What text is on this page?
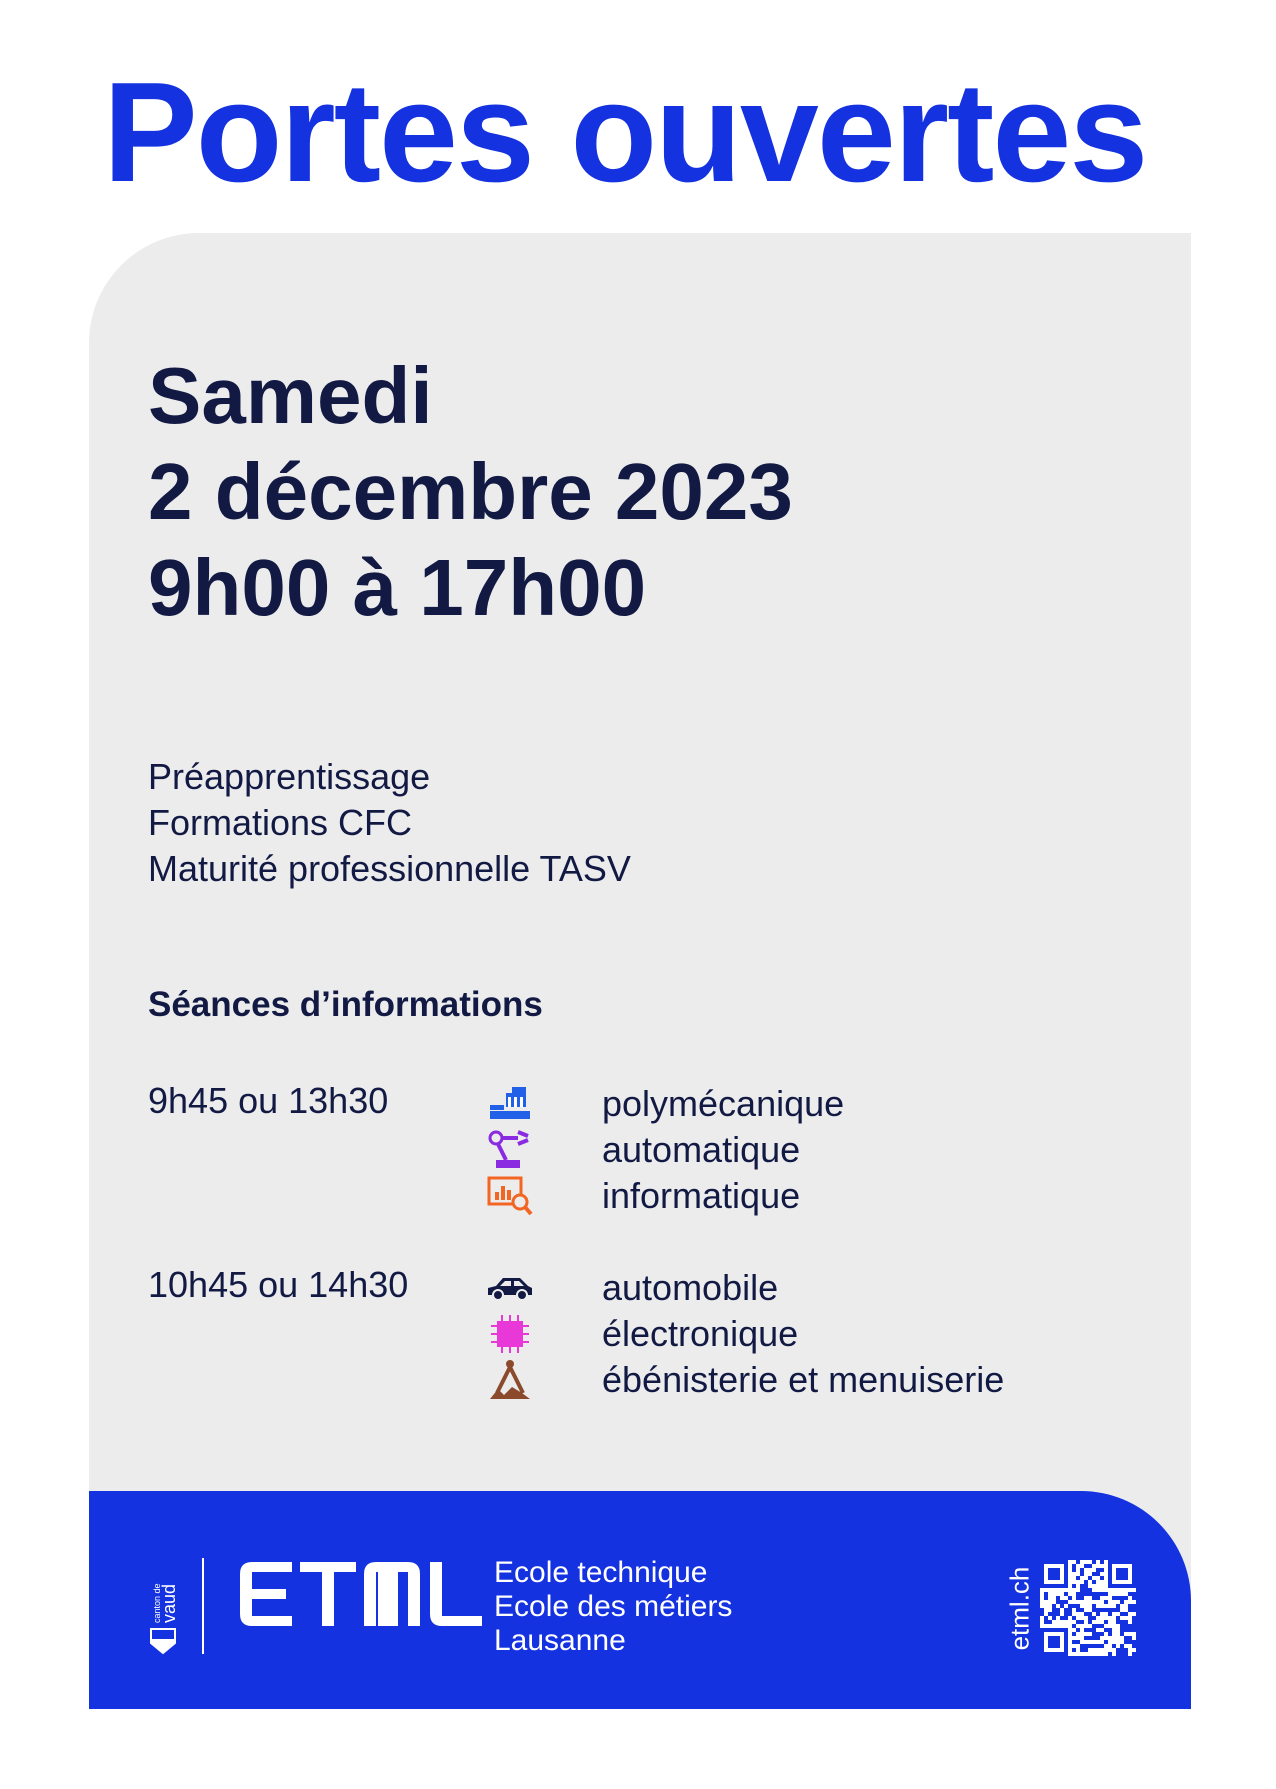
Portes ouvertes
Samedi
2 décembre 2023
9h00 à 17h00
Préapprentissage
Formations CFC
Maturité professionnelle TASV
Séances d’informations
9h45 ou 13h30	polymécanique
automatique
informatique
10h45 ou 14h30	automobile
électronique
ébénisterie et menuiserie
canton de
vaud
Ecole technique
Ecole des métiers
Lausanne	etml.ch
